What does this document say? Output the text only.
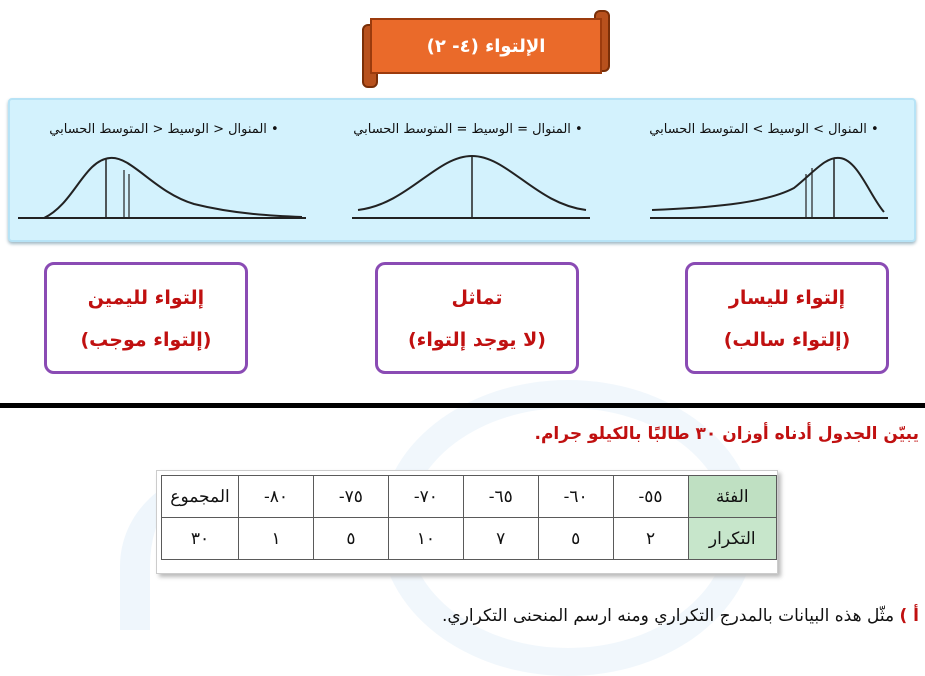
(٤- ٢) الإلتواء
• المنوال < الوسيط < المتوسط الحسابي	• المنوال = الوسيط = المتوسط الحسابي	• المنوال > الوسيط > المتوسط الحسابي
إلتواء لليمين
(إلتواء موجب)
تماثل
(لا يوجد إلتواء)
إلتواء لليسار
(إلتواء سالب)
يبيّن الجدول أدناه أوزان ٣٠ طالبًا بالكيلو جرام.
الفئة	٥٥-	٦٠-	٦٥-	٧٠-	٧٥-	٨٠-	المجموع
التكرار	٢	٥	٧	١٠	٥	١	٣٠
أ ) مثّل هذه البيانات بالمدرج التكراري ومنه ارسم المنحنى التكراري.
